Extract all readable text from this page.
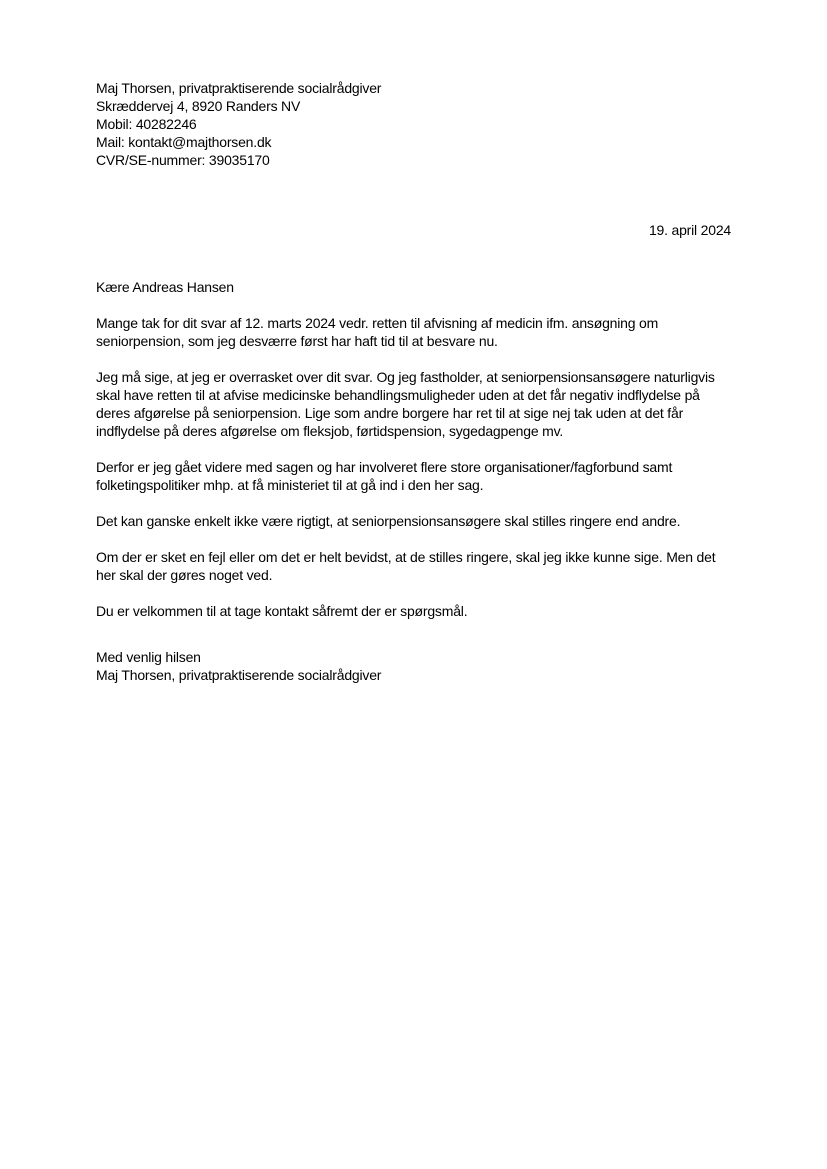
Maj Thorsen, privatpraktiserende socialrådgiver

Skræddervej 4, 8920 Randers NV

Mobil: 40282246

Mail: kontakt@majthorsen.dk

CVR/SE-nummer: 39035170

19. april 2024
Kære Andreas Hansen

Mange tak for dit svar af 12. marts 2024 vedr. retten til afvisning af medicin ifm. ansøgning om seniorpension, som jeg desværre først har haft tid til at besvare nu.

Jeg må sige, at jeg er overrasket over dit svar. Og jeg fastholder, at seniorpensionsansøgere naturligvis skal have retten til at afvise medicinske behandlingsmuligheder uden at det får negativ indflydelse på deres afgørelse på seniorpension. Lige som andre borgere har ret til at sige nej tak uden at det får indflydelse på deres afgørelse om fleksjob, førtidspension, sygedagpenge mv.

Derfor er jeg gået videre med sagen og har involveret flere store organisationer/fagforbund samt folketingspolitiker mhp. at få ministeriet til at gå ind i den her sag.

Det kan ganske enkelt ikke være rigtigt, at seniorpensionsansøgere skal stilles ringere end andre.

Om der er sket en fejl eller om det er helt bevidst, at de stilles ringere, skal jeg ikke kunne sige. Men det her skal der gøres noget ved.

Du er velkommen til at tage kontakt såfremt der er spørgsmål.

Med venlig hilsen

Maj Thorsen, privatpraktiserende socialrådgiver
